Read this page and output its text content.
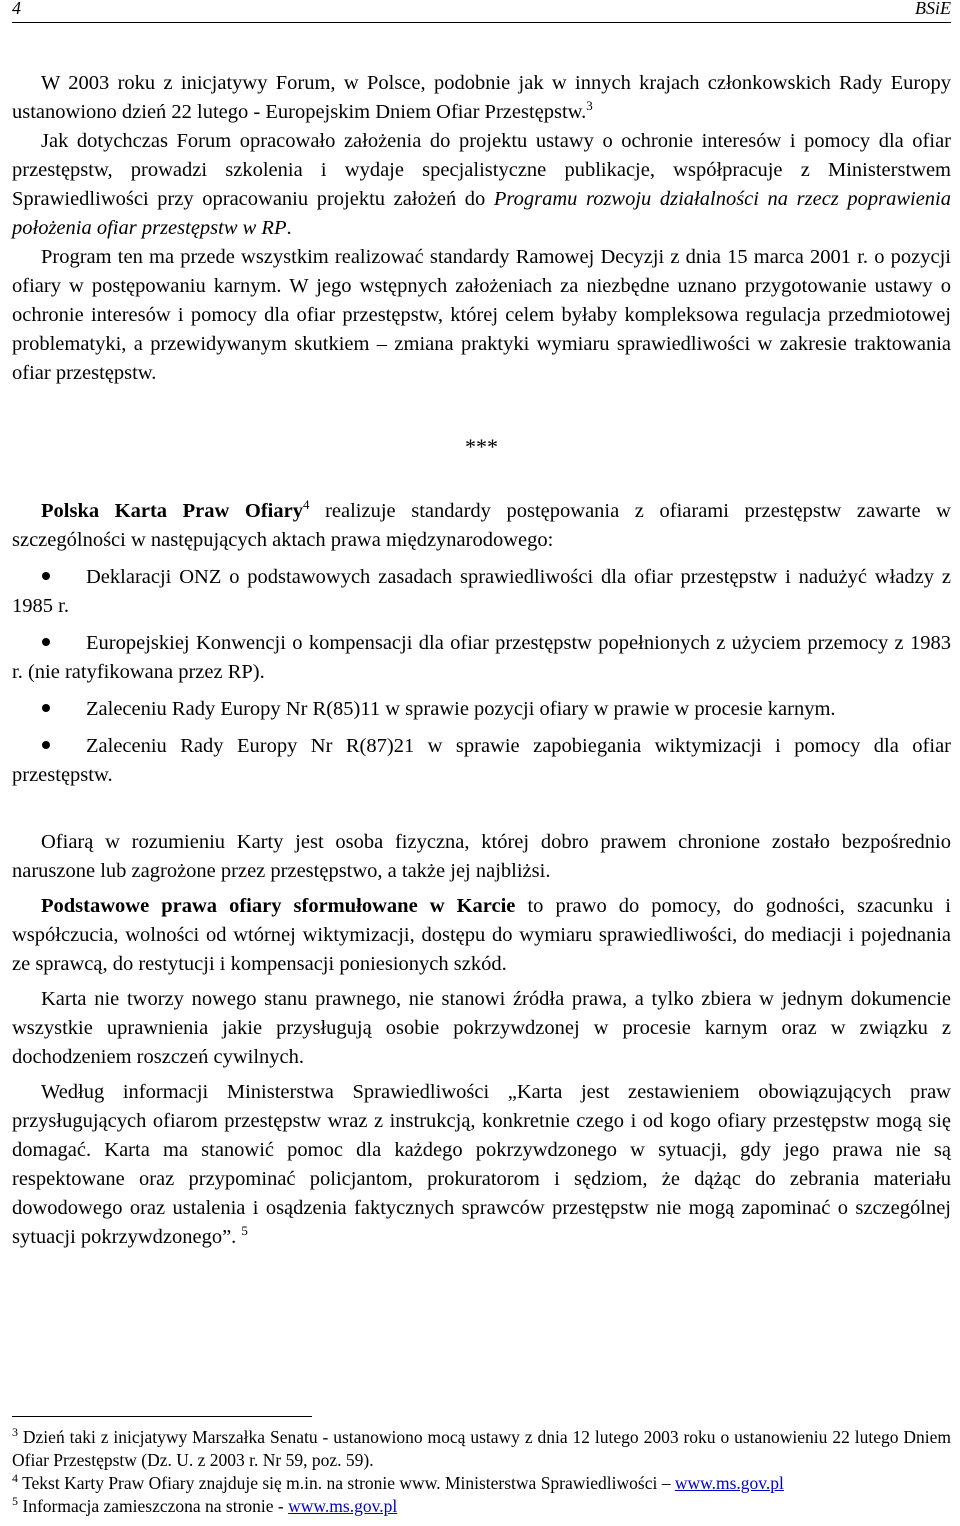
4	BSiE

W 2003 roku z inicjatywy Forum, w Polsce, podobnie jak w innych krajach członkowskich Rady Europy ustanowiono dzień 22 lutego - Europejskim Dniem Ofiar Przestępstw.$^3$

Jak dotychczas Forum opracowało założenia do projektu ustawy o ochronie interesów i pomocy dla ofiar przestępstw, prowadzi szkolenia i wydaje specjalistyczne publikacje, współpracuje z Ministerstwem Sprawiedliwości przy opracowaniu projektu założeń do Programu rozwoju działalności na rzecz poprawienia położenia ofiar przestępstw w RP.

Program ten ma przede wszystkim realizować standardy Ramowej Decyzji z dnia 15 marca 2001 r. o pozycji ofiary w postępowaniu karnym. W jego wstępnych założeniach za niezbędne uznano przygotowanie ustawy o ochronie interesów i pomocy dla ofiar przestępstw, której celem byłaby kompleksowa regulacja przedmiotowej problematyki, a przewidywanym skutkiem – zmiana praktyki wymiaru sprawiedliwości w zakresie traktowania ofiar przestępstw.

***

Polska Karta Praw Ofiary$^4$ realizuje standardy postępowania z ofiarami przestępstw zawarte w szczególności w następujących aktach prawa międzynarodowego:

Deklaracji ONZ o podstawowych zasadach sprawiedliwości dla ofiar przestępstw i nadużyć władzy z 1985 r.

Europejskiej Konwencji o kompensacji dla ofiar przestępstw popełnionych z użyciem przemocy z 1983 r. (nie ratyfikowana przez RP).

Zaleceniu Rady Europy Nr R(85)11 w sprawie pozycji ofiary w prawie w procesie karnym.

Zaleceniu Rady Europy Nr R(87)21 w sprawie zapobiegania wiktymizacji i pomocy dla ofiar przestępstw.

Ofiarą w rozumieniu Karty jest osoba fizyczna, której dobro prawem chronione zostało bezpośrednio naruszone lub zagrożone przez przestępstwo, a także jej najbliżsi.

Podstawowe prawa ofiary sformułowane w Karcie to prawo do pomocy, do godności, szacunku i współczucia, wolności od wtórnej wiktymizacji, dostępu do wymiaru sprawiedliwości, do mediacji i pojednania ze sprawcą, do restytucji i kompensacji poniesionych szkód.

Karta nie tworzy nowego stanu prawnego, nie stanowi źródła prawa, a tylko zbiera w jednym dokumencie wszystkie uprawnienia jakie przysługują osobie pokrzywdzonej w procesie karnym oraz w związku z dochodzeniem roszczeń cywilnych.

Według informacji Ministerstwa Sprawiedliwości „Karta jest zestawieniem obowiązujących praw przysługujących ofiarom przestępstw wraz z instrukcją, konkretnie czego i od kogo ofiary przestępstw mogą się domagać. Karta ma stanowić pomoc dla każdego pokrzywdzonego w sytuacji, gdy jego prawa nie są respektowane oraz przypominać policjantom, prokuratorom i sędziom, że dążąc do zebrania materiału dowodowego oraz ustalenia i osądzenia faktycznych sprawców przestępstw nie mogą zapominać o szczególnej sytuacji pokrzywdzonego”. $^5$

$^3$ Dzień taki z inicjatywy Marszałka Senatu - ustanowiono mocą ustawy z dnia 12 lutego 2003 roku o ustanowieniu 22 lutego Dniem Ofiar Przestępstw (Dz. U. z 2003 r. Nr 59, poz. 59).

$^4$ Tekst Karty Praw Ofiary znajduje się m.in. na stronie www. Ministerstwa Sprawiedliwości – www.ms.gov.pl

$^5$ Informacja zamieszczona na stronie - www.ms.gov.pl
